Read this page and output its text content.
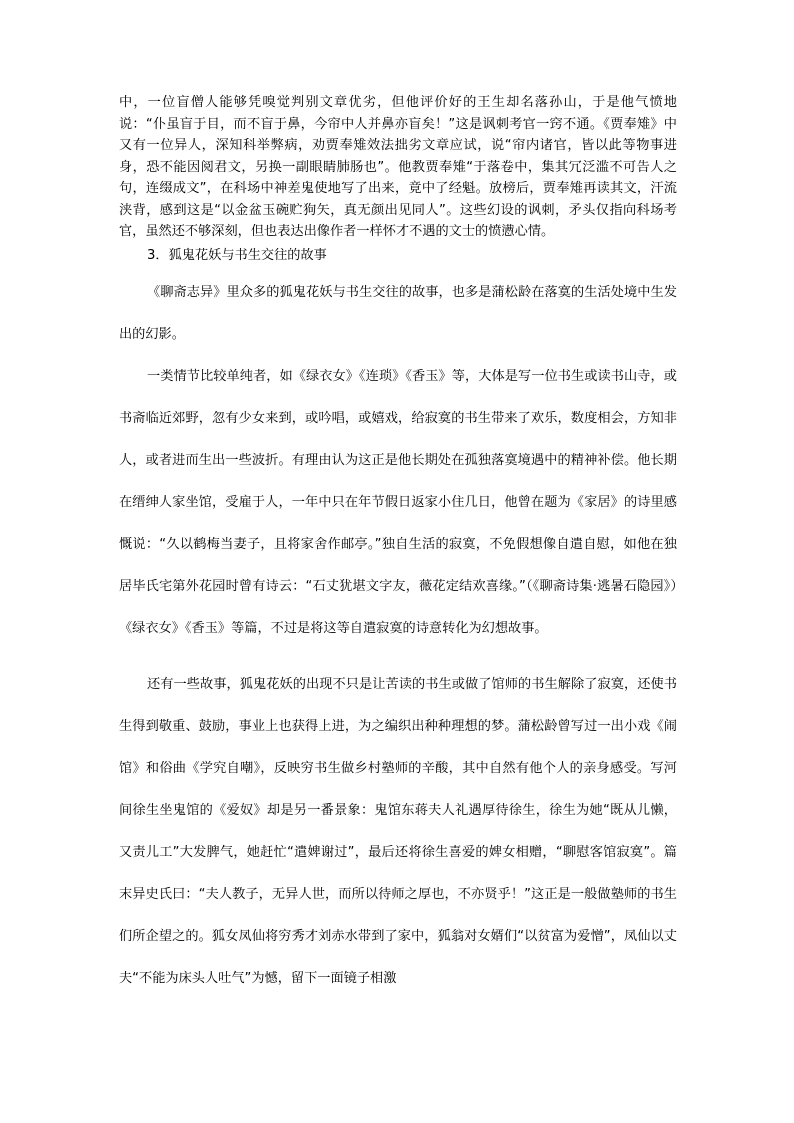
中，一位盲僧人能够凭嗅觉判别文章优劣，但他评价好的王生却名落孙山，于是他气愤地说：“仆虽盲于目，而不盲于鼻，今帘中人并鼻亦盲矣！”这是讽刺考官一窍不通。《贾奉雉》中又有一位异人，深知科举弊病，劝贾奉雉效法拙劣文章应试，说“帘内诸官，皆以此等物事进身，恐不能因阅君文，另换一副眼睛肺肠也”。他教贾奉雉“于落卷中，集其冗泛滥不可告人之句，连缀成文”，在科场中神差鬼使地写了出来，竟中了经魁。放榜后，贾奉雉再读其文，汗流浃背，感到这是“以金盆玉碗贮狗矢，真无颜出见同人”。这些幻设的讽刺，矛头仅指向科场考官，虽然还不够深刻，但也表达出像作者一样怀才不遇的文士的愤懑心情。

3．狐鬼花妖与书生交往的故事

《聊斋志异》里众多的狐鬼花妖与书生交往的故事，也多是蒲松龄在落寞的生活处境中生发出的幻影。

一类情节比较单纯者，如《绿衣女》《连琐》《香玉》等，大体是写一位书生或读书山寺，或书斋临近郊野，忽有少女来到，或吟唱，或嬉戏，给寂寞的书生带来了欢乐，数度相会，方知非人，或者进而生出一些波折。有理由认为这正是他长期处在孤独落寞境遇中的精神补偿。他长期在缙绅人家坐馆，受雇于人，一年中只在年节假日返家小住几日，他曾在题为《家居》的诗里感慨说：“久以鹤梅当妻子，且将家舍作邮亭。”独自生活的寂寞，不免假想像自遣自慰，如他在独居毕氏宅第外花园时曾有诗云：“石丈犹堪文字友，薇花定结欢喜缘。”（《聊斋诗集·逃暑石隐园》）《绿衣女》《香玉》等篇，不过是将这等自遣寂寞的诗意转化为幻想故事。

还有一些故事，狐鬼花妖的出现不只是让苦读的书生或做了馆师的书生解除了寂寞，还使书生得到敬重、鼓励，事业上也获得上进，为之编织出种种理想的梦。蒲松龄曾写过一出小戏《闹馆》和俗曲《学究自嘲》，反映穷书生做乡村塾师的辛酸，其中自然有他个人的亲身感受。写河间徐生坐鬼馆的《爱奴》却是另一番景象：鬼馆东蒋夫人礼遇厚待徐生，徐生为她“既从儿懒，又责儿工”大发脾气，她赶忙“遣婢谢过”，最后还将徐生喜爱的婢女相赠，“聊慰客馆寂寞”。篇末异史氏曰：“夫人教子，无异人世，而所以待师之厚也，不亦贤乎！”这正是一般做塾师的书生们所企望之的。狐女凤仙将穷秀才刘赤水带到了家中，狐翁对女婿们“以贫富为爱憎”，凤仙以丈夫“不能为床头人吐气”为憾，留下一面镜子相激
